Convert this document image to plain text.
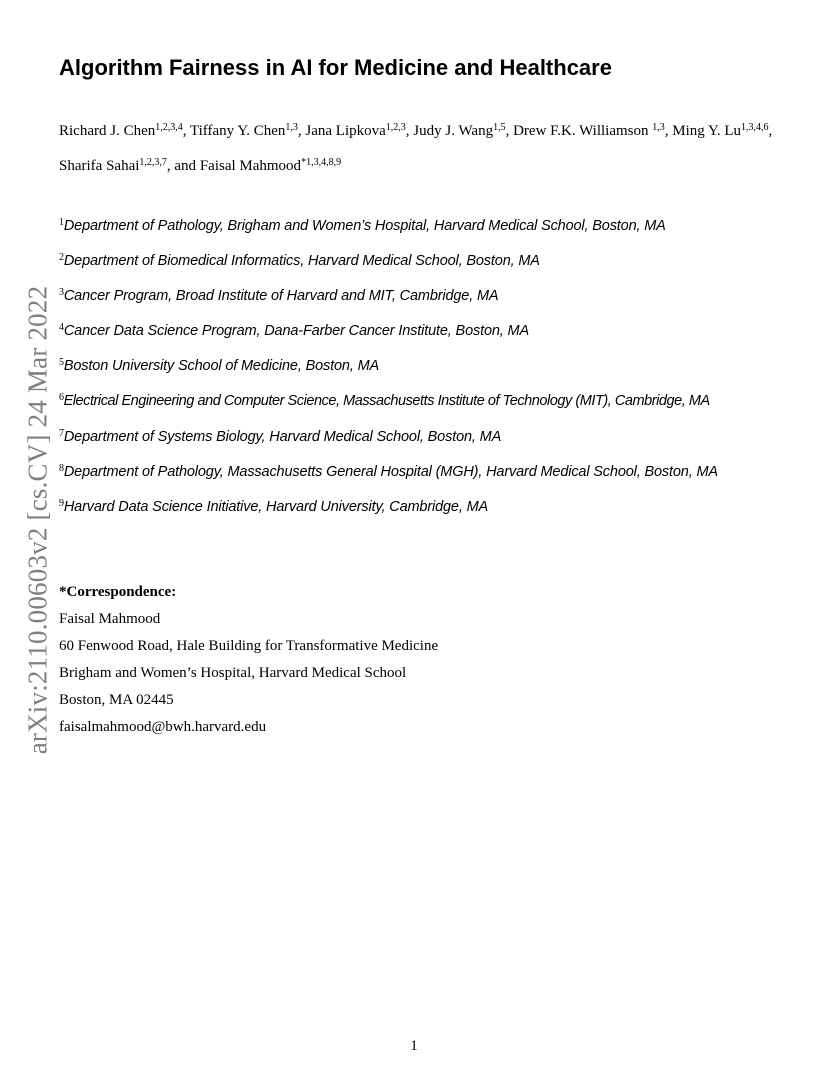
arXiv:2110.00603v2 [cs.CV] 24 Mar 2022
Algorithm Fairness in AI for Medicine and Healthcare
Richard J. Chen$^{1,2,3,4}$, Tiffany Y. Chen$^{1,3}$, Jana Lipkova$^{1,2,3}$, Judy J. Wang$^{1,5}$, Drew F.K. Williamson $^{1,3}$, Ming Y. Lu$^{1,3,4,6}$, Sharifa Sahai$^{1,2,3,7}$, and Faisal Mahmood$^{*1,3,4,8,9}$
$^1$Department of Pathology, Brigham and Women’s Hospital, Harvard Medical School, Boston, MA
$^2$Department of Biomedical Informatics, Harvard Medical School, Boston, MA
$^3$Cancer Program, Broad Institute of Harvard and MIT, Cambridge, MA
$^4$Cancer Data Science Program, Dana-Farber Cancer Institute, Boston, MA
$^5$Boston University School of Medicine, Boston, MA
$^6$Electrical Engineering and Computer Science, Massachusetts Institute of Technology (MIT), Cambridge, MA
$^7$Department of Systems Biology, Harvard Medical School, Boston, MA
$^8$Department of Pathology, Massachusetts General Hospital (MGH), Harvard Medical School, Boston, MA
$^9$Harvard Data Science Initiative, Harvard University, Cambridge, MA
*Correspondence:
Faisal Mahmood
60 Fenwood Road, Hale Building for Transformative Medicine
Brigham and Women’s Hospital, Harvard Medical School
Boston, MA 02445
faisalmahmood@bwh.harvard.edu
1
